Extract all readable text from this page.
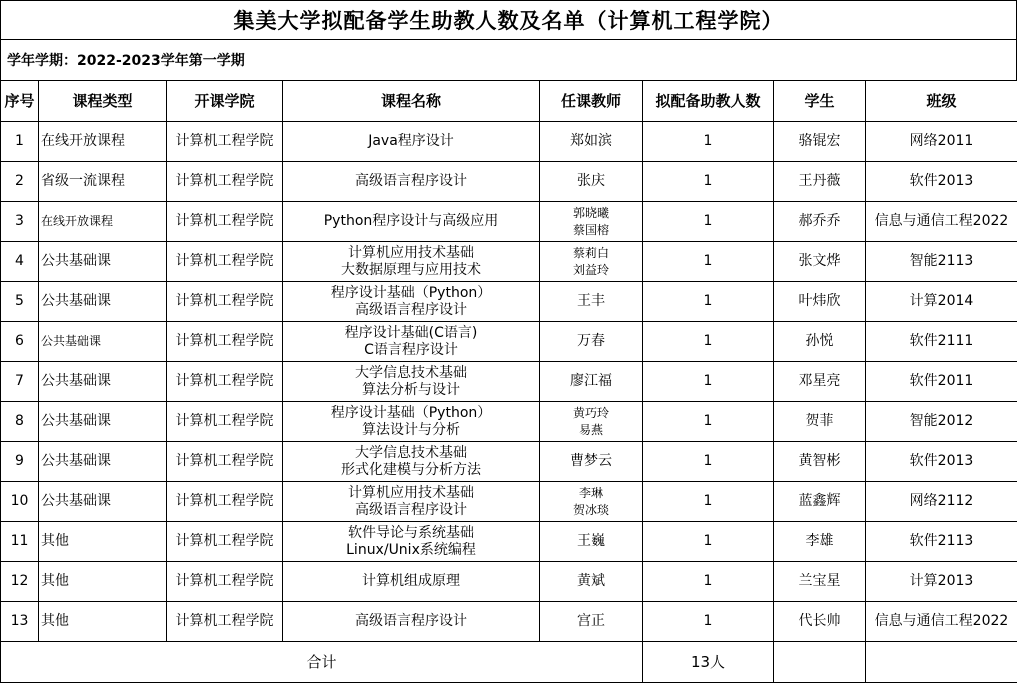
集美大学拟配备学生助教人数及名单（计算机工程学院）
学年学期：2022-2023学年第一学期
序号	课程类型	开课学院	课程名称	任课教师	拟配备助教人数	学生	班级

1	在线开放课程	计算机工程学院	Java程序设计	郑如滨	1	骆锟宏	网络2011

2	省级一流课程	计算机工程学院	高级语言程序设计	张庆	1	王丹薇	软件2013

3	在线开放课程	计算机工程学院	Python程序设计与高级应用	郭晓曦
蔡国榕	1	郝乔乔	信息与通信工程2022

4	公共基础课	计算机工程学院	计算机应用技术基础
大数据原理与应用技术	蔡莉白
刘益玲	1	张文烨	智能2113

5	公共基础课	计算机工程学院	程序设计基础（Python）
高级语言程序设计	王丰	1	叶炜欣	计算2014

6	公共基础课	计算机工程学院	程序设计基础(C语言)
C语言程序设计	万春	1	孙悦	软件2111

7	公共基础课	计算机工程学院	大学信息技术基础
算法分析与设计	廖江福	1	邓星亮	软件2011

8	公共基础课	计算机工程学院	程序设计基础（Python）
算法设计与分析	黄巧玲
易燕	1	贺菲	智能2012

9	公共基础课	计算机工程学院	大学信息技术基础
形式化建模与分析方法	曹梦云	1	黄智彬	软件2013

10	公共基础课	计算机工程学院	计算机应用技术基础
高级语言程序设计	李琳
贺冰琰	1	蓝鑫辉	网络2112

11	其他	计算机工程学院	软件导论与系统基础
Linux/Unix系统编程	王巍	1	李雄	软件2113

12	其他	计算机工程学院	计算机组成原理	黄斌	1	兰宝星	计算2013

13	其他	计算机工程学院	高级语言程序设计	宫正	1	代长帅	信息与通信工程2022

合计					13人		
